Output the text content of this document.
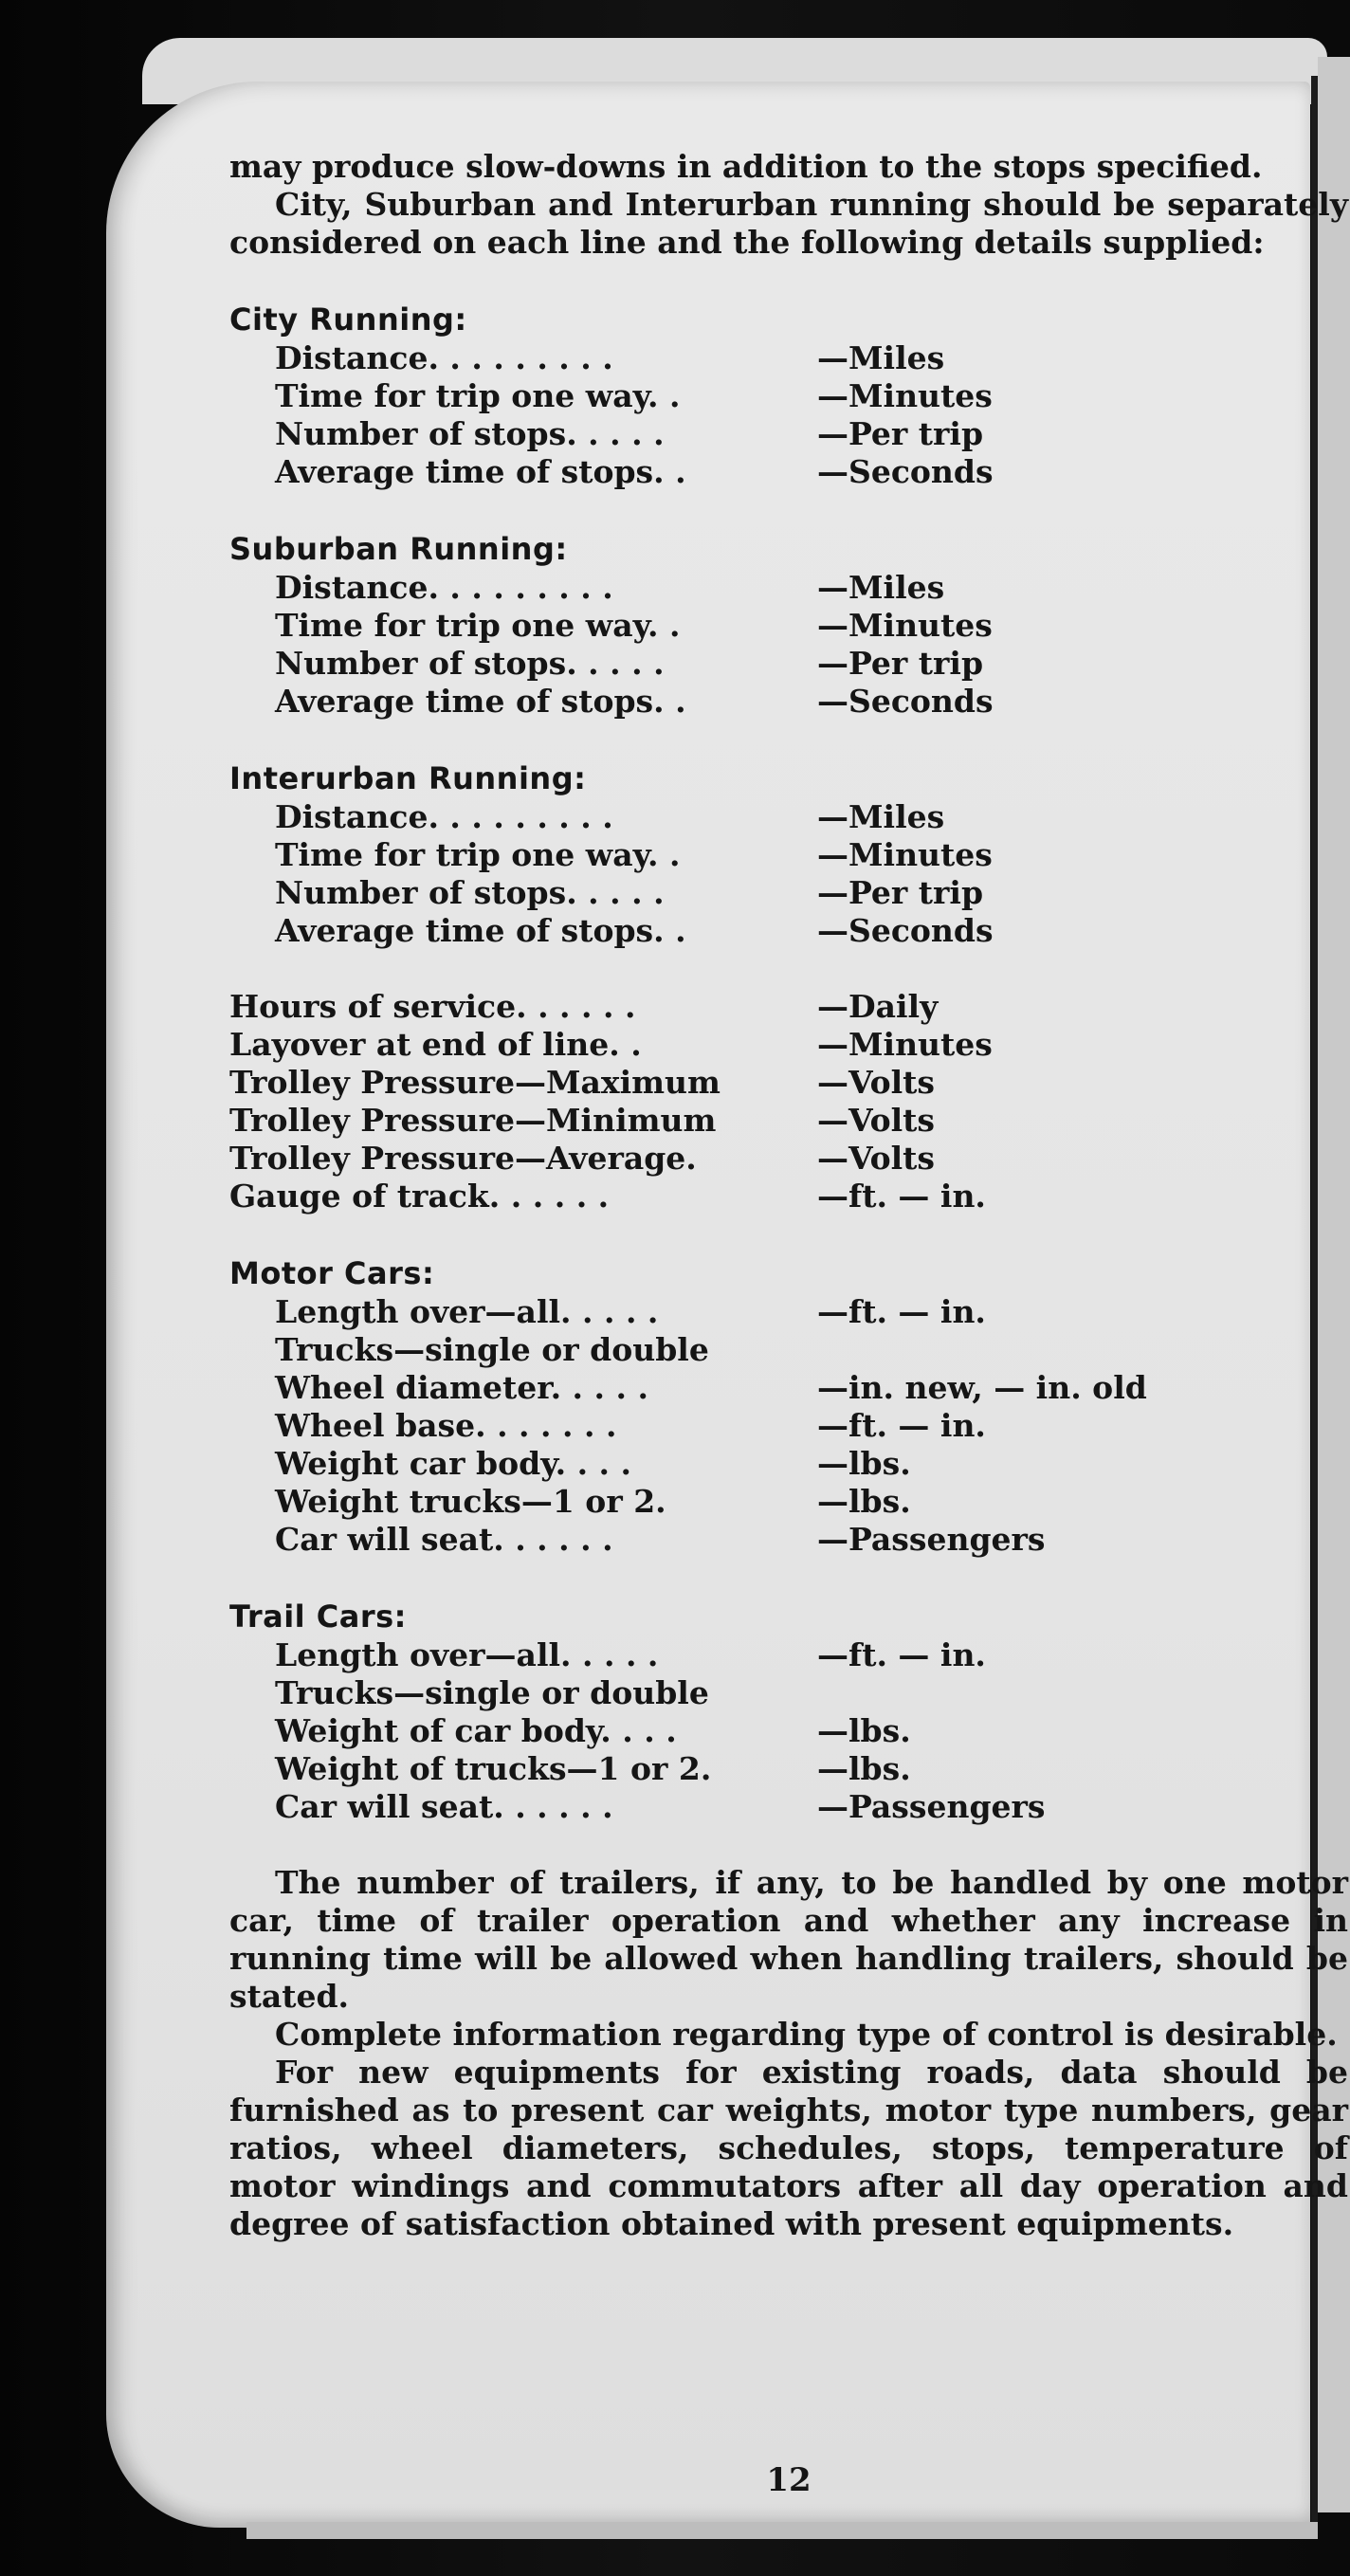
may produce slow-downs in addition to the stops specified.

City, Suburban and Interurban running should be separately considered on each line and the following details supplied:

City Running:
Distance. . . . . . . . .	—Miles
Time for trip one way. .	—Minutes
Number of stops. . . . .	—Per trip
Average time of stops. .	—Seconds
Suburban Running:
Distance. . . . . . . . .	—Miles
Time for trip one way. .	—Minutes
Number of stops. . . . .	—Per trip
Average time of stops. .	—Seconds
Interurban Running:
Distance. . . . . . . . .	—Miles
Time for trip one way. .	—Minutes
Number of stops. . . . .	—Per trip
Average time of stops. .	—Seconds
Hours of service. . . . . .	—Daily
Layover at end of line. .	—Minutes
Trolley Pressure—Maximum	—Volts
Trolley Pressure—Minimum	—Volts
Trolley Pressure—Average.	—Volts
Gauge of track. . . . . .	—ft. — in.
Motor Cars:
Length over—all. . . . .	—ft. — in.
Trucks—single or double
Wheel diameter. . . . .	—in. new, — in. old
Wheel base. . . . . . .	—ft. — in.
Weight car body. . . .	—lbs.
Weight trucks—1 or 2.	—lbs.
Car will seat. . . . . .	—Passengers
Trail Cars:
Length over—all. . . . .	—ft. — in.
Trucks—single or double
Weight of car body. . . .	—lbs.
Weight of trucks—1 or 2.	—lbs.
Car will seat. . . . . .	—Passengers

The number of trailers, if any, to be handled by one motor car, time of trailer operation and whether any increase in running time will be allowed when handling trailers, should be stated.

Complete information regarding type of control is desirable.

For new equipments for existing roads, data should be furnished as to present car weights, motor type numbers, gear ratios, wheel diameters, schedules, stops, temperature of motor windings and commutators after all day operation and degree of satisfaction obtained with present equipments.

12
